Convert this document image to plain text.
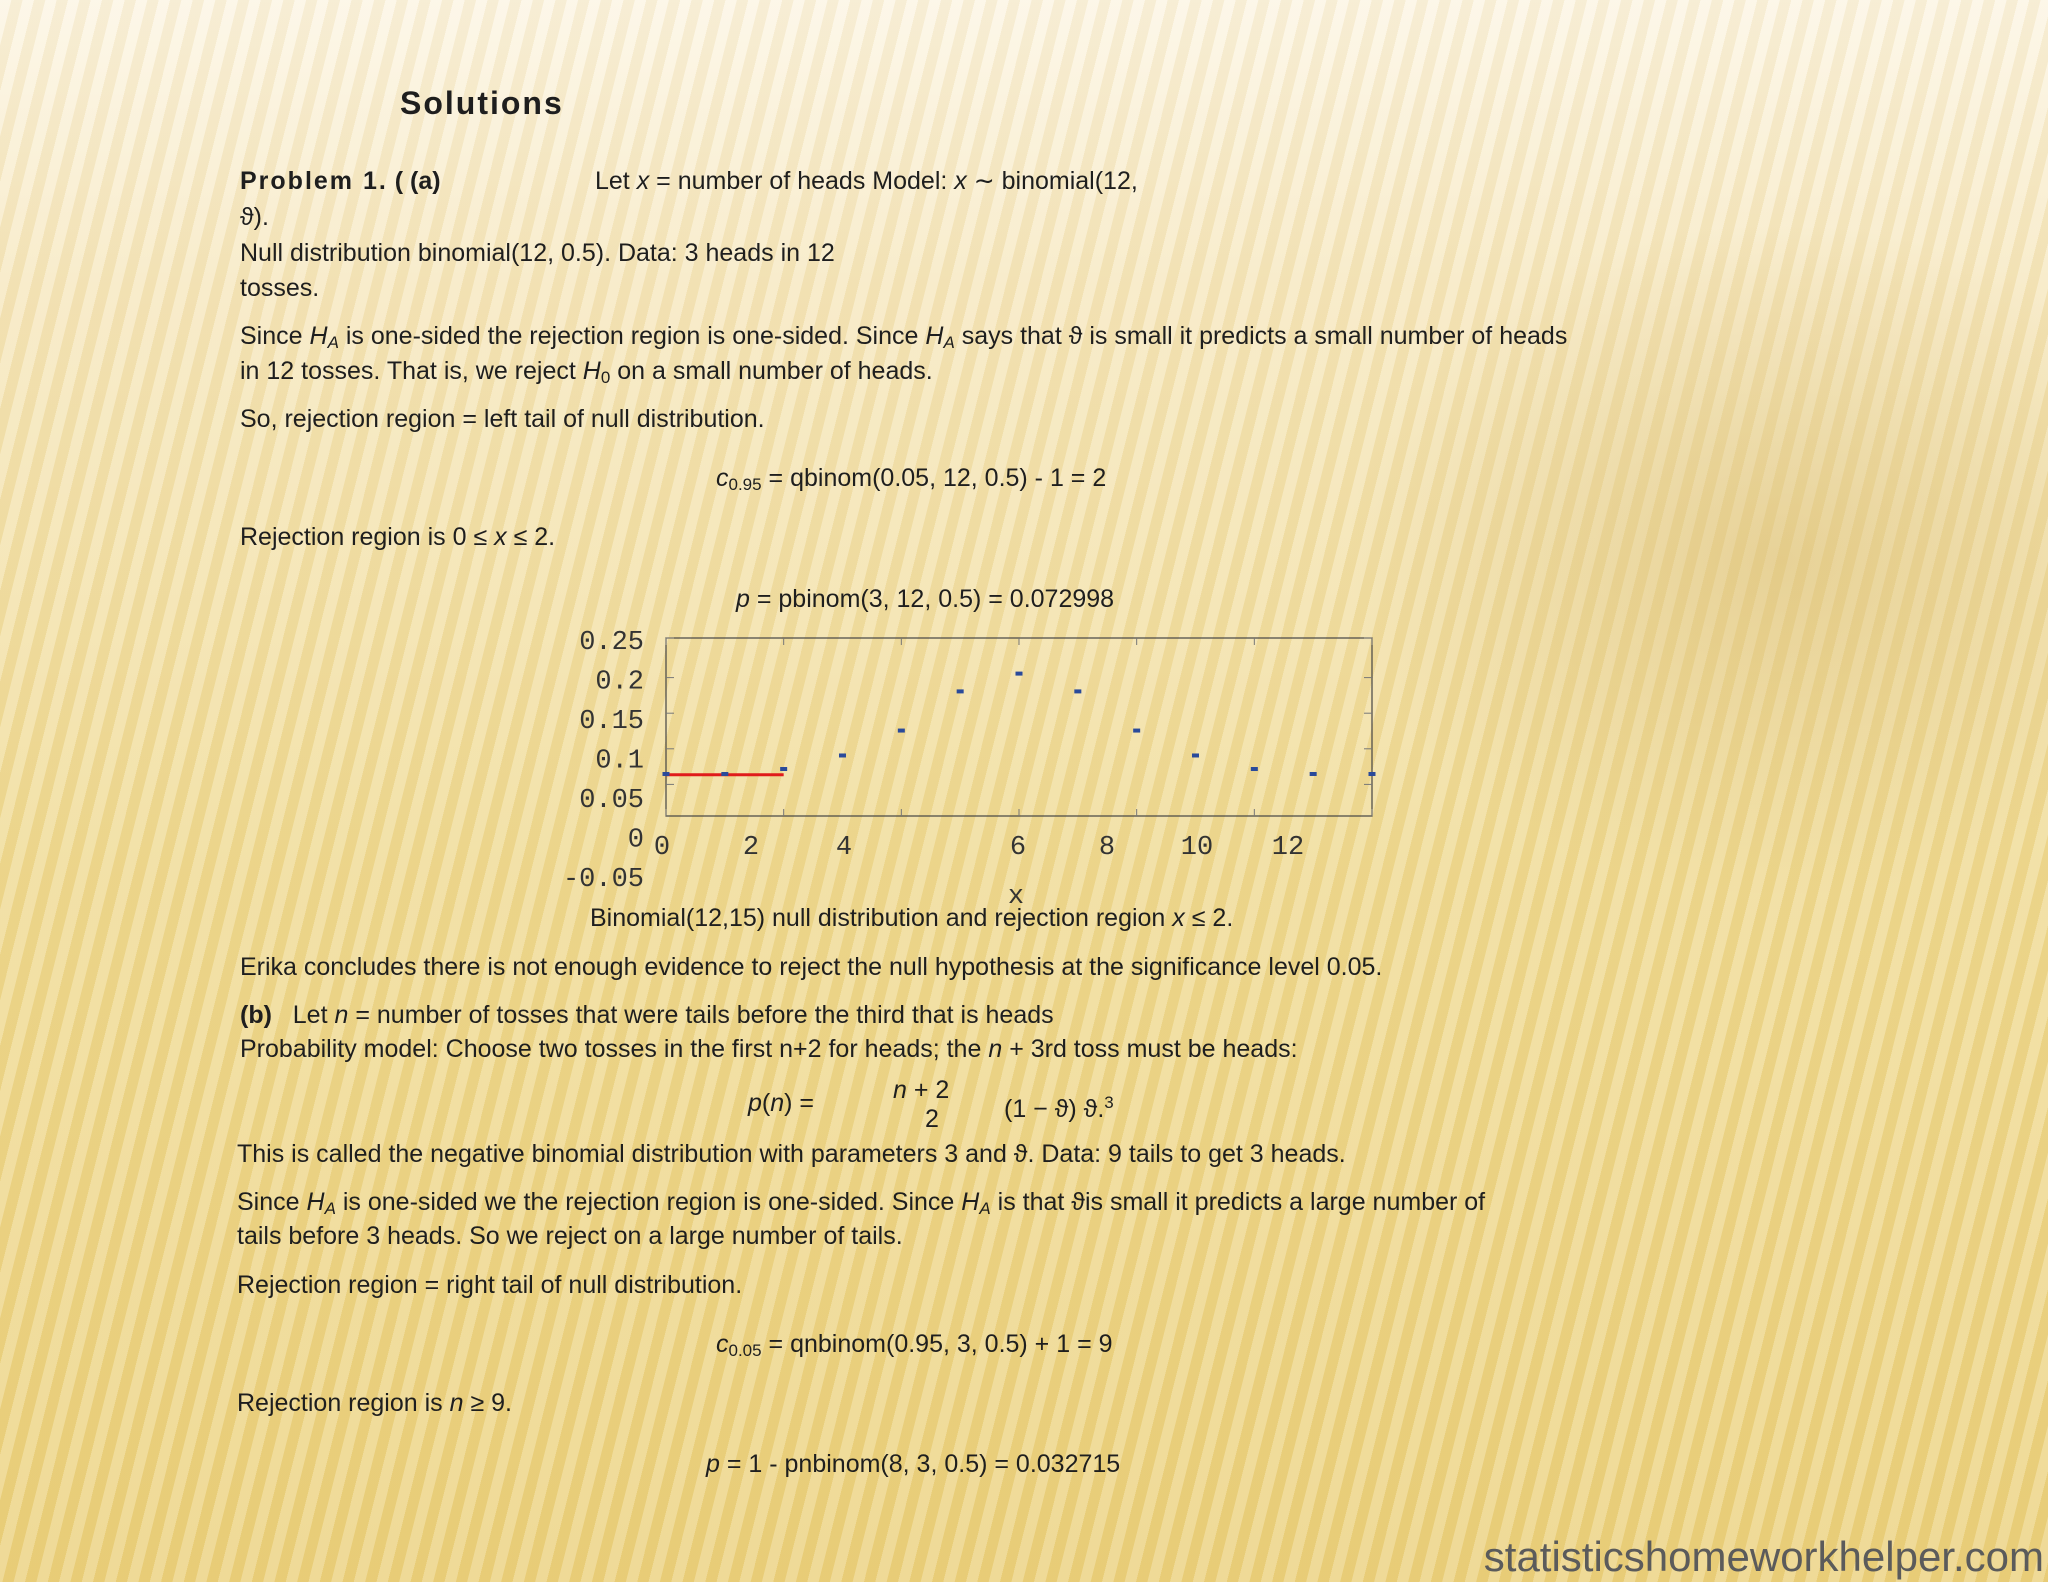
Solutions
Problem 1. ( (a)	Let x = number of heads Model: x ∼ binomial(12,
ϑ).
Null distribution binomial(12, 0.5). Data: 3 heads in 12
tosses.
Since $H_A$ is one-sided the rejection region is one-sided. Since $H_A$ says that ϑ is small it predicts a small number of heads
in 12 tosses. That is, we reject $H_0$ on a small number of heads.
So, rejection region = left tail of null distribution.
$c_{0.95}$ = qbinom(0.05, 12, 0.5) - 1 = 2
Rejection region is 0 ≤ x ≤ 2.
p = pbinom(3, 12, 0.5) = 0.072998
0.25
0.2
0.15
0.1
0.05
0
-0.05
0	2	4	6	8 10 12
x
Binomial(12,15) null distribution and rejection region x ≤ 2.
Erika concludes there is not enough evidence to reject the null hypothesis at the significance level 0.05.
(b) Let n = number of tosses that were tails before the third that is heads
Probability model: Choose two tosses in the first n+2 for heads; the n + 3rd toss must be heads:
p(n) =	n + 2
2	(1 − ϑ) ϑ.$^3$
This is called the negative binomial distribution with parameters 3 and ϑ. Data: 9 tails to get 3 heads.
Since $H_A$ is one-sided we the rejection region is one-sided. Since $H_A$ is that ϑis small it predicts a large number of
tails before 3 heads. So we reject on a large number of tails.
Rejection region = right tail of null distribution.
$c_{0.05}$ = qnbinom(0.95, 3, 0.5) + 1 = 9
Rejection region is n ≥ 9.
p = 1 - pnbinom(8, 3, 0.5) = 0.032715
statisticshomeworkhelper.com
